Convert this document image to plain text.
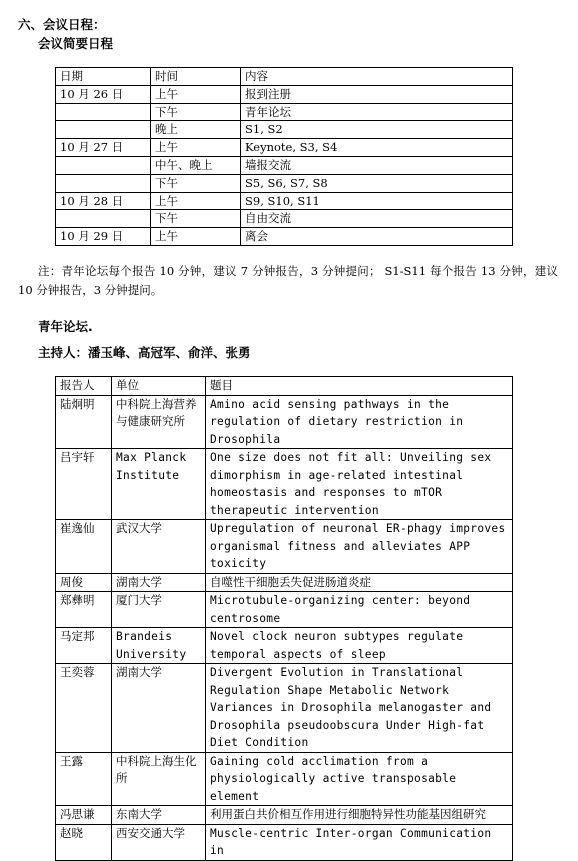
六、会议日程：
会议简要日程
日期	时间	内容
10 月 26 日	上午	报到注册
	下午	青年论坛
	晚上	S1, S2
10 月 27 日	上午	Keynote, S3, S4
	中午、晚上	墙报交流
	下午	S5, S6, S7, S8
10 月 28 日	上午	S9, S10, S11
	下午	自由交流
10 月 29 日	上午	离会
注：青年论坛每个报告 10 分钟，建议 7 分钟报告，3 分钟提问； S1-S11 每个报告 13 分钟，建议 10 分钟报告，3 分钟提问。
青年论坛.
主持人：潘玉峰、高冠军、俞洋、张勇
报告人	单位	题目
陆炯明	中科院上海营养与健康研究所	Amino acid sensing pathways in the regulation of dietary restriction in Drosophila
吕宇轩	Max Planck Institute	One size does not fit all: Unveiling sex dimorphism in age-related intestinal homeostasis and responses to mTOR therapeutic intervention
崔逸仙	武汉大学	Upregulation of neuronal ER-phagy improves organismal fitness and alleviates APP toxicity
周俊	湖南大学	自噬性干细胞丢失促进肠道炎症
郑彝明	厦门大学	Microtubule-organizing center: beyond centrosome
马定邦	Brandeis University	Novel clock neuron subtypes regulate temporal aspects of sleep
王奕蓉	湖南大学	Divergent Evolution in Translational Regulation Shape Metabolic Network Variances in Drosophila melanogaster and Drosophila pseudoobscura Under High-fat Diet Condition
王露	中科院上海生化所	Gaining cold acclimation from a physiologically active transposable element
冯思谦	东南大学	利用蛋白共价相互作用进行细胞特异性功能基因组研究
赵晓	西安交通大学	Muscle-centric Inter-organ Communication in
